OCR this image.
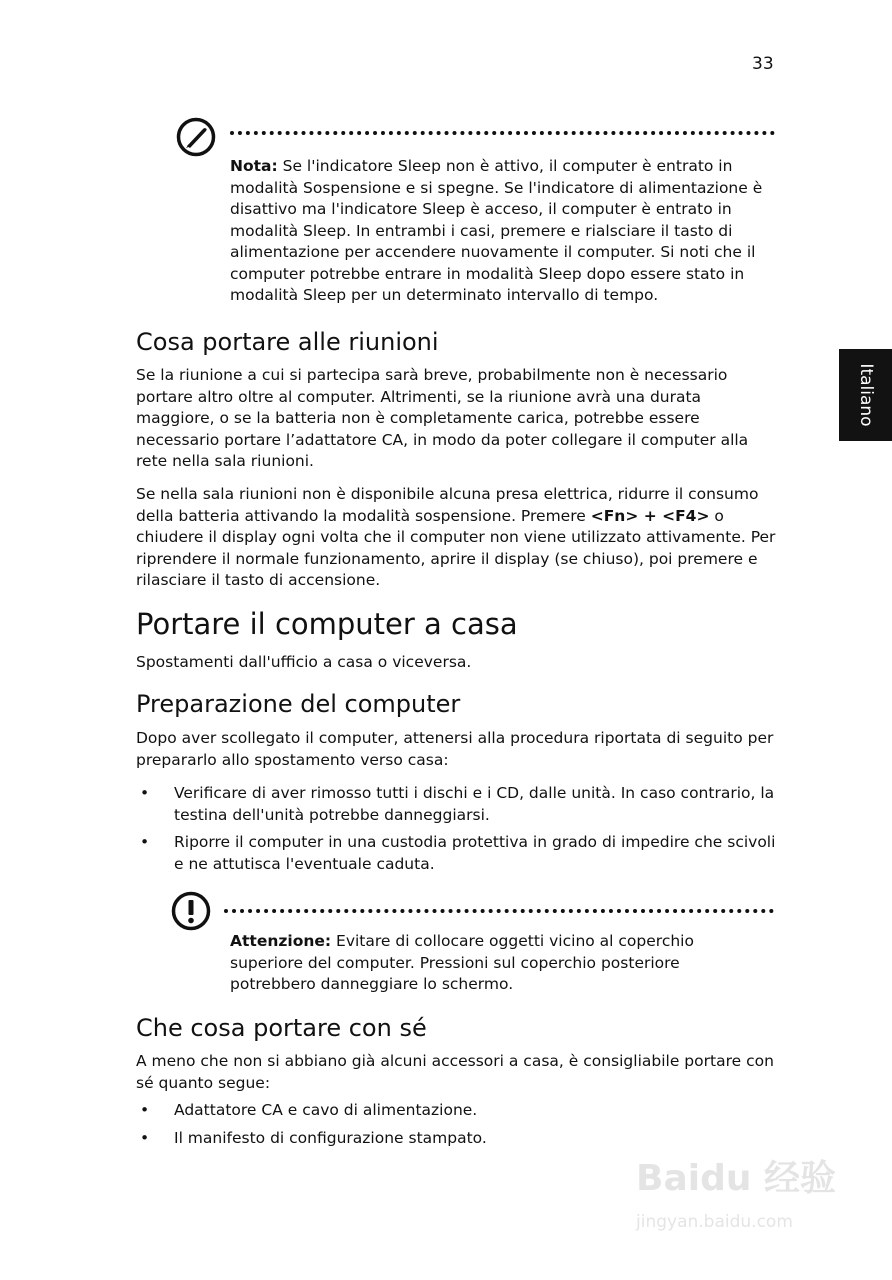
33
Italiano
Nota: Se l'indicatore Sleep non è attivo, il computer è entrato in modalità Sospensione e si spegne. Se l'indicatore di alimentazione è disattivo ma l'indicatore Sleep è acceso, il computer è entrato in modalità Sleep. In entrambi i casi, premere e rialsciare il tasto di alimentazione per accendere nuovamente il computer. Si noti che il computer potrebbe entrare in modalità Sleep dopo essere stato in modalità Sleep per un determinato intervallo di tempo.
Cosa portare alle riunioni
Se la riunione a cui si partecipa sarà breve, probabilmente non è necessario portare altro oltre al computer. Altrimenti, se la riunione avrà una durata maggiore, o se la batteria non è completamente carica, potrebbe essere necessario portare l’adattatore CA, in modo da poter collegare il computer alla rete nella sala riunioni.
Se nella sala riunioni non è disponibile alcuna presa elettrica, ridurre il consumo della batteria attivando la modalità sospensione. Premere <Fn> + <F4> o chiudere il display ogni volta che il computer non viene utilizzato attivamente. Per riprendere il normale funzionamento, aprire il display (se chiuso), poi premere e rilasciare il tasto di accensione.
Portare il computer a casa
Spostamenti dall'ufficio a casa o viceversa.
Preparazione del computer
Dopo aver scollegato il computer, attenersi alla procedura riportata di seguito per prepararlo allo spostamento verso casa:
• Verificare di aver rimosso tutti i dischi e i CD, dalle unità. In caso contrario, la testina dell'unità potrebbe danneggiarsi.
• Riporre il computer in una custodia protettiva in grado di impedire che scivoli e ne attutisca l'eventuale caduta.
Attenzione: Evitare di collocare oggetti vicino al coperchio superiore del computer. Pressioni sul coperchio posteriore potrebbero danneggiare lo schermo.
Che cosa portare con sé
A meno che non si abbiano già alcuni accessori a casa, è consigliabile portare con sé quanto segue:
• Adattatore CA e cavo di alimentazione.
• Il manifesto di configurazione stampato.
Baidu 经验
jingyan.baidu.com
